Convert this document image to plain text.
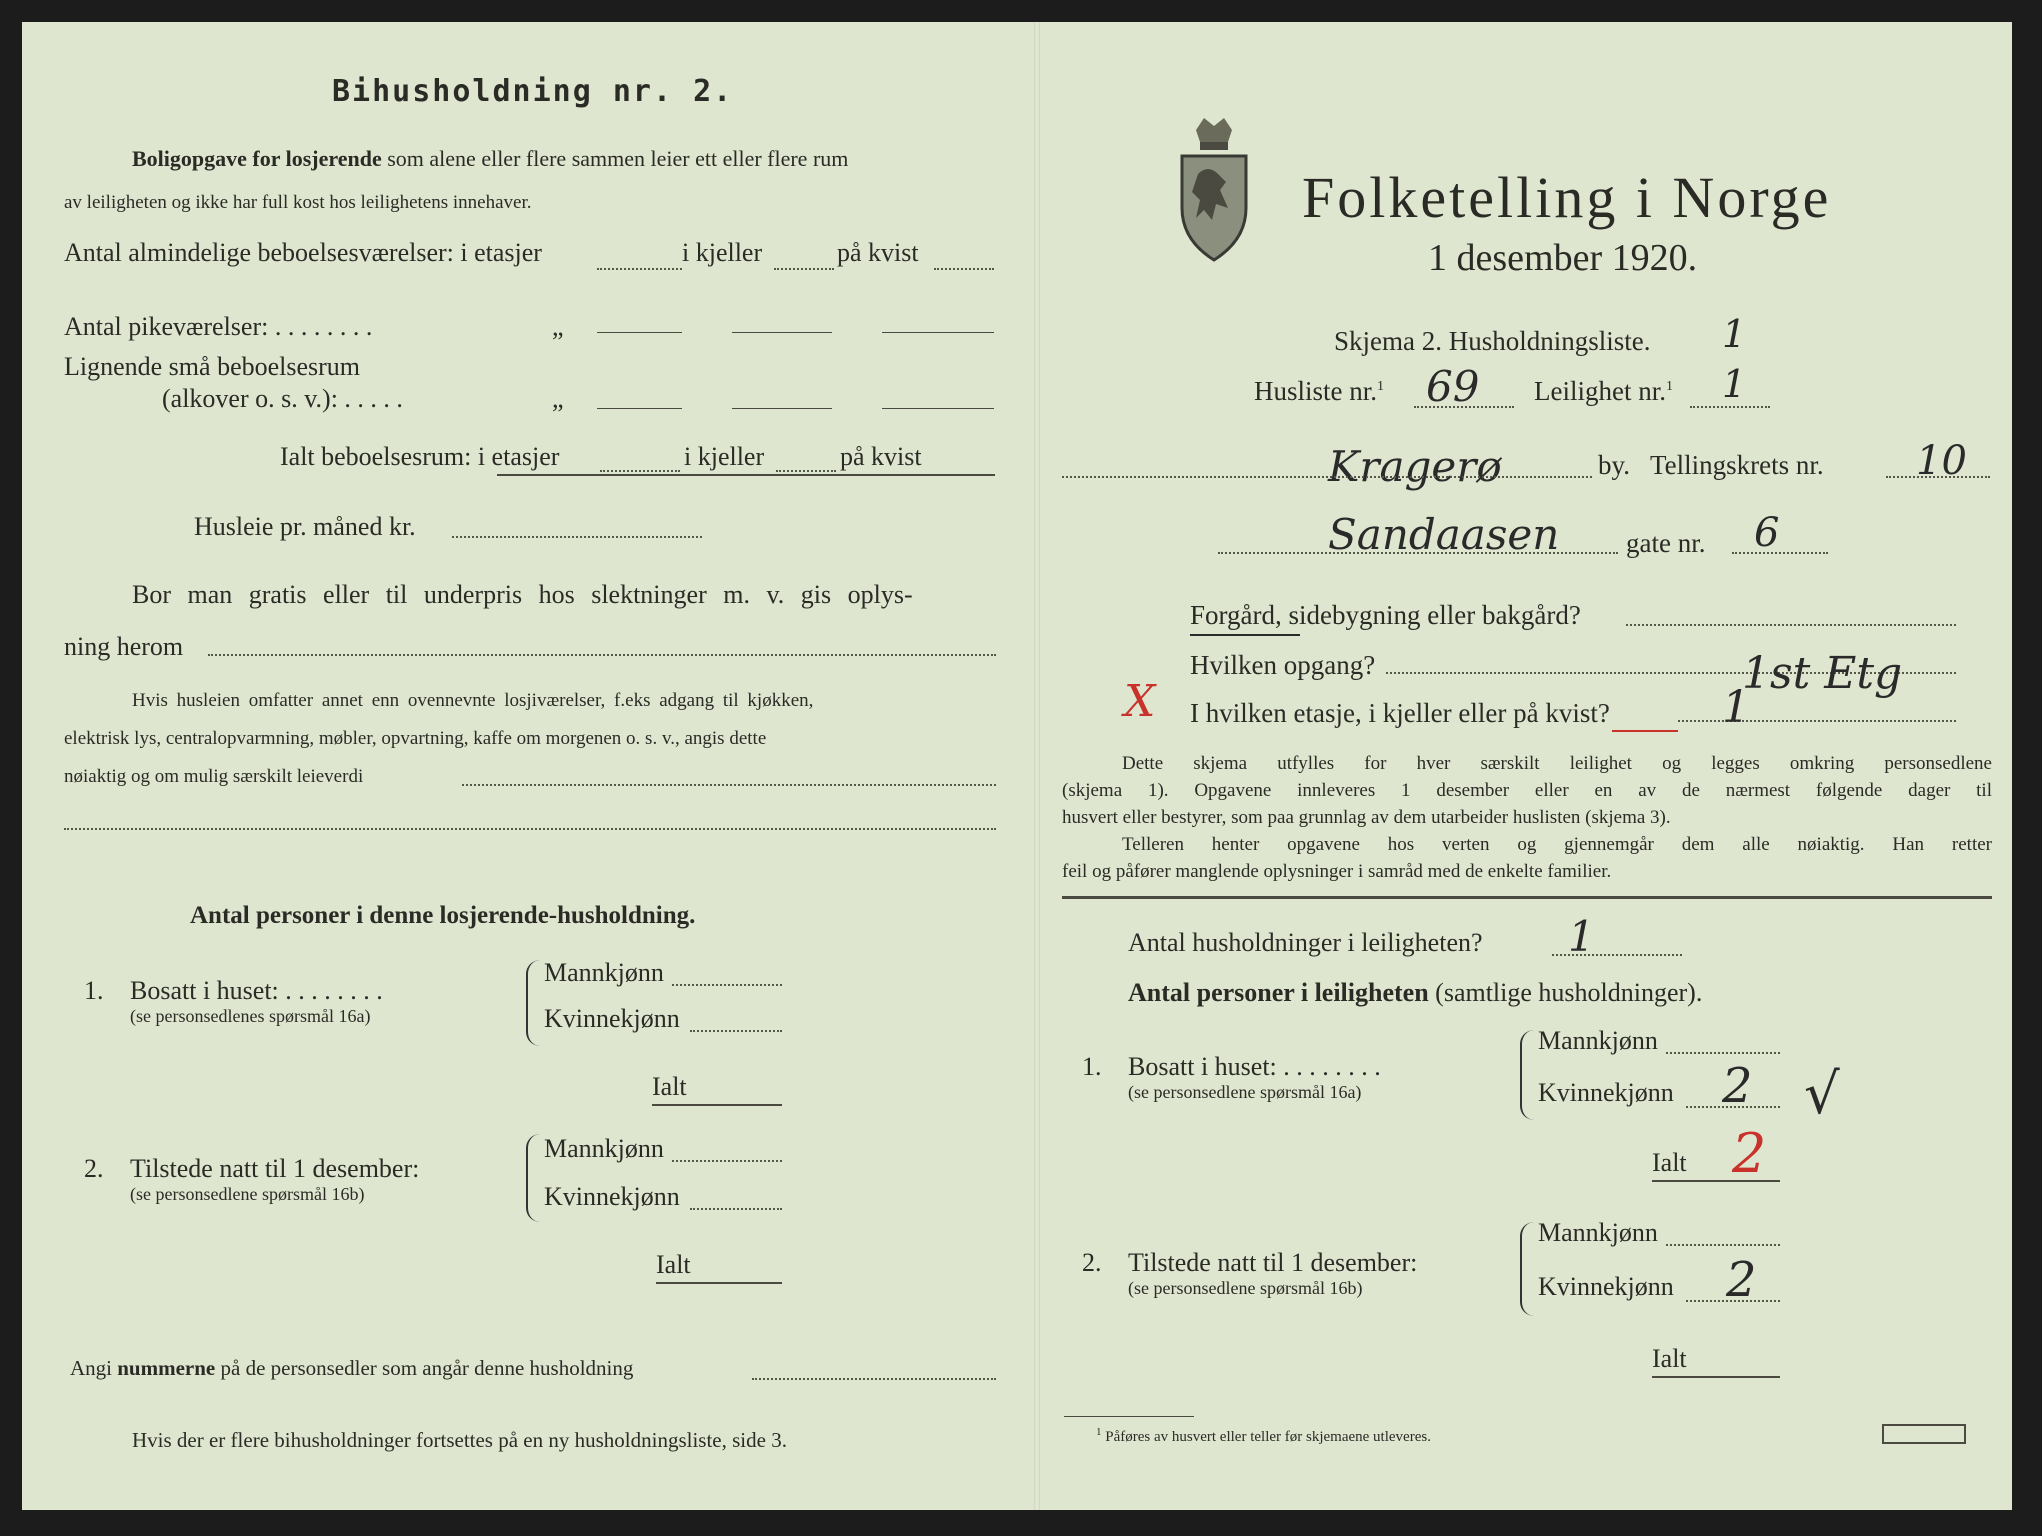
Bihusholdning nr. 2.
Boligopgave for losjerende som alene eller flere sammen leier ett eller flere rum
av leiligheten og ikke har full kost hos leilighetens innehaver.
Antal almindelige beboelsesværelser: i etasjer	i kjeller	på kvist
Antal pikeværelser: . . . . . . . .	„
Lignende små beboelsesrum
(alkover o. s. v.): . . . . .	„
Ialt beboelsesrum: i etasjer	i kjeller	på kvist
Husleie pr. måned kr.
Bor man gratis eller til underpris hos slektninger m. v. gis oplys-
ning herom
Hvis husleien omfatter annet enn ovennevnte losjiværelser, f.eks adgang til kjøkken,
elektrisk lys, centralopvarmning, møbler, opvartning, kaffe om morgenen o. s. v., angis dette
nøiaktig og om mulig særskilt leieverdi
Antal personer i denne losjerende-husholdning.
1. Bosatt i huset: . . . . . . . .
(se personsedlenes spørsmål 16a)
Mannkjønn
Kvinnekjønn
Ialt
2. Tilstede natt til 1 desember:
(se personsedlene spørsmål 16b)
Mannkjønn
Kvinnekjønn
Ialt
Angi nummerne på de personsedler som angår denne husholdning
Hvis der er flere bihusholdninger fortsettes på en ny husholdningsliste, side 3.
Folketelling i Norge
1 desember 1920.
Skjema 2. Husholdningsliste. 1
Husliste nr.$^1$ 69 Leilighet nr.$^1$ 1
Kragerø	by. Tellingskrets nr. 10
Sandaasen gate nr. 6
Forgård, sidebygning eller bakgård?
Hvilken opgang?	1st Etg
X I hvilken etasje, i kjeller eller på kvist?	1
Dette skjema utfylles for hver særskilt leilighet og legges omkring personsedlene
(skjema 1). Opgavene innleveres 1 desember eller en av de nærmest følgende dager til
husvert eller bestyrer, som paa grunnlag av dem utarbeider huslisten (skjema 3).
Telleren henter opgavene hos verten og gjennemgår dem alle nøiaktig. Han retter
feil og påfører manglende oplysninger i samråd med de enkelte familier.
Antal husholdninger i leiligheten? 1
Antal personer i leiligheten (samtlige husholdninger).
1. Bosatt i huset: . . . . . . . .
(se personsedlene spørsmål 16a)
Mannkjønn
Kvinnekjønn 2 √
Ialt 2
2. Tilstede natt til 1 desember:
(se personsedlene spørsmål 16b)
Mannkjønn
Kvinnekjønn 2
Ialt
$^1$ Påføres av husvert eller teller før skjemaene utleveres.
